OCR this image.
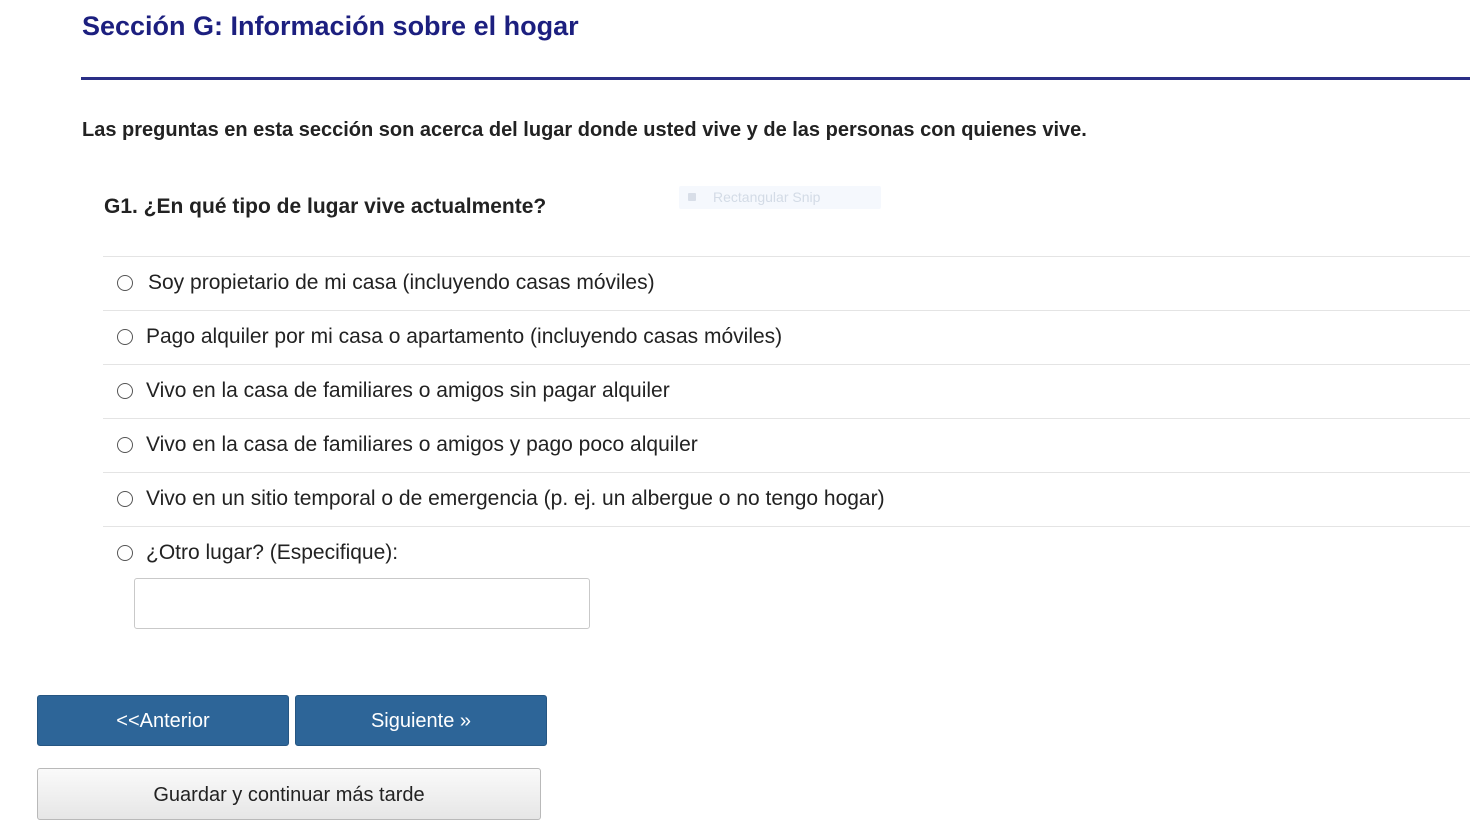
Sección G: Información sobre el hogar

Las preguntas en esta sección son acerca del lugar donde usted vive y de las personas con quienes vive.

G1. ¿En qué tipo de lugar vive actualmente?	Rectangular Snip
Soy propietario de mi casa (incluyendo casas móviles)
Pago alquiler por mi casa o apartamento (incluyendo casas móviles)
Vivo en la casa de familiares o amigos sin pagar alquiler
Vivo en la casa de familiares o amigos y pago poco alquiler
Vivo en un sitio temporal o de emergencia (p. ej. un albergue o no tengo hogar)
¿Otro lugar? (Especifique):
<<Anterior	Siguiente »
Guardar y continuar más tarde
